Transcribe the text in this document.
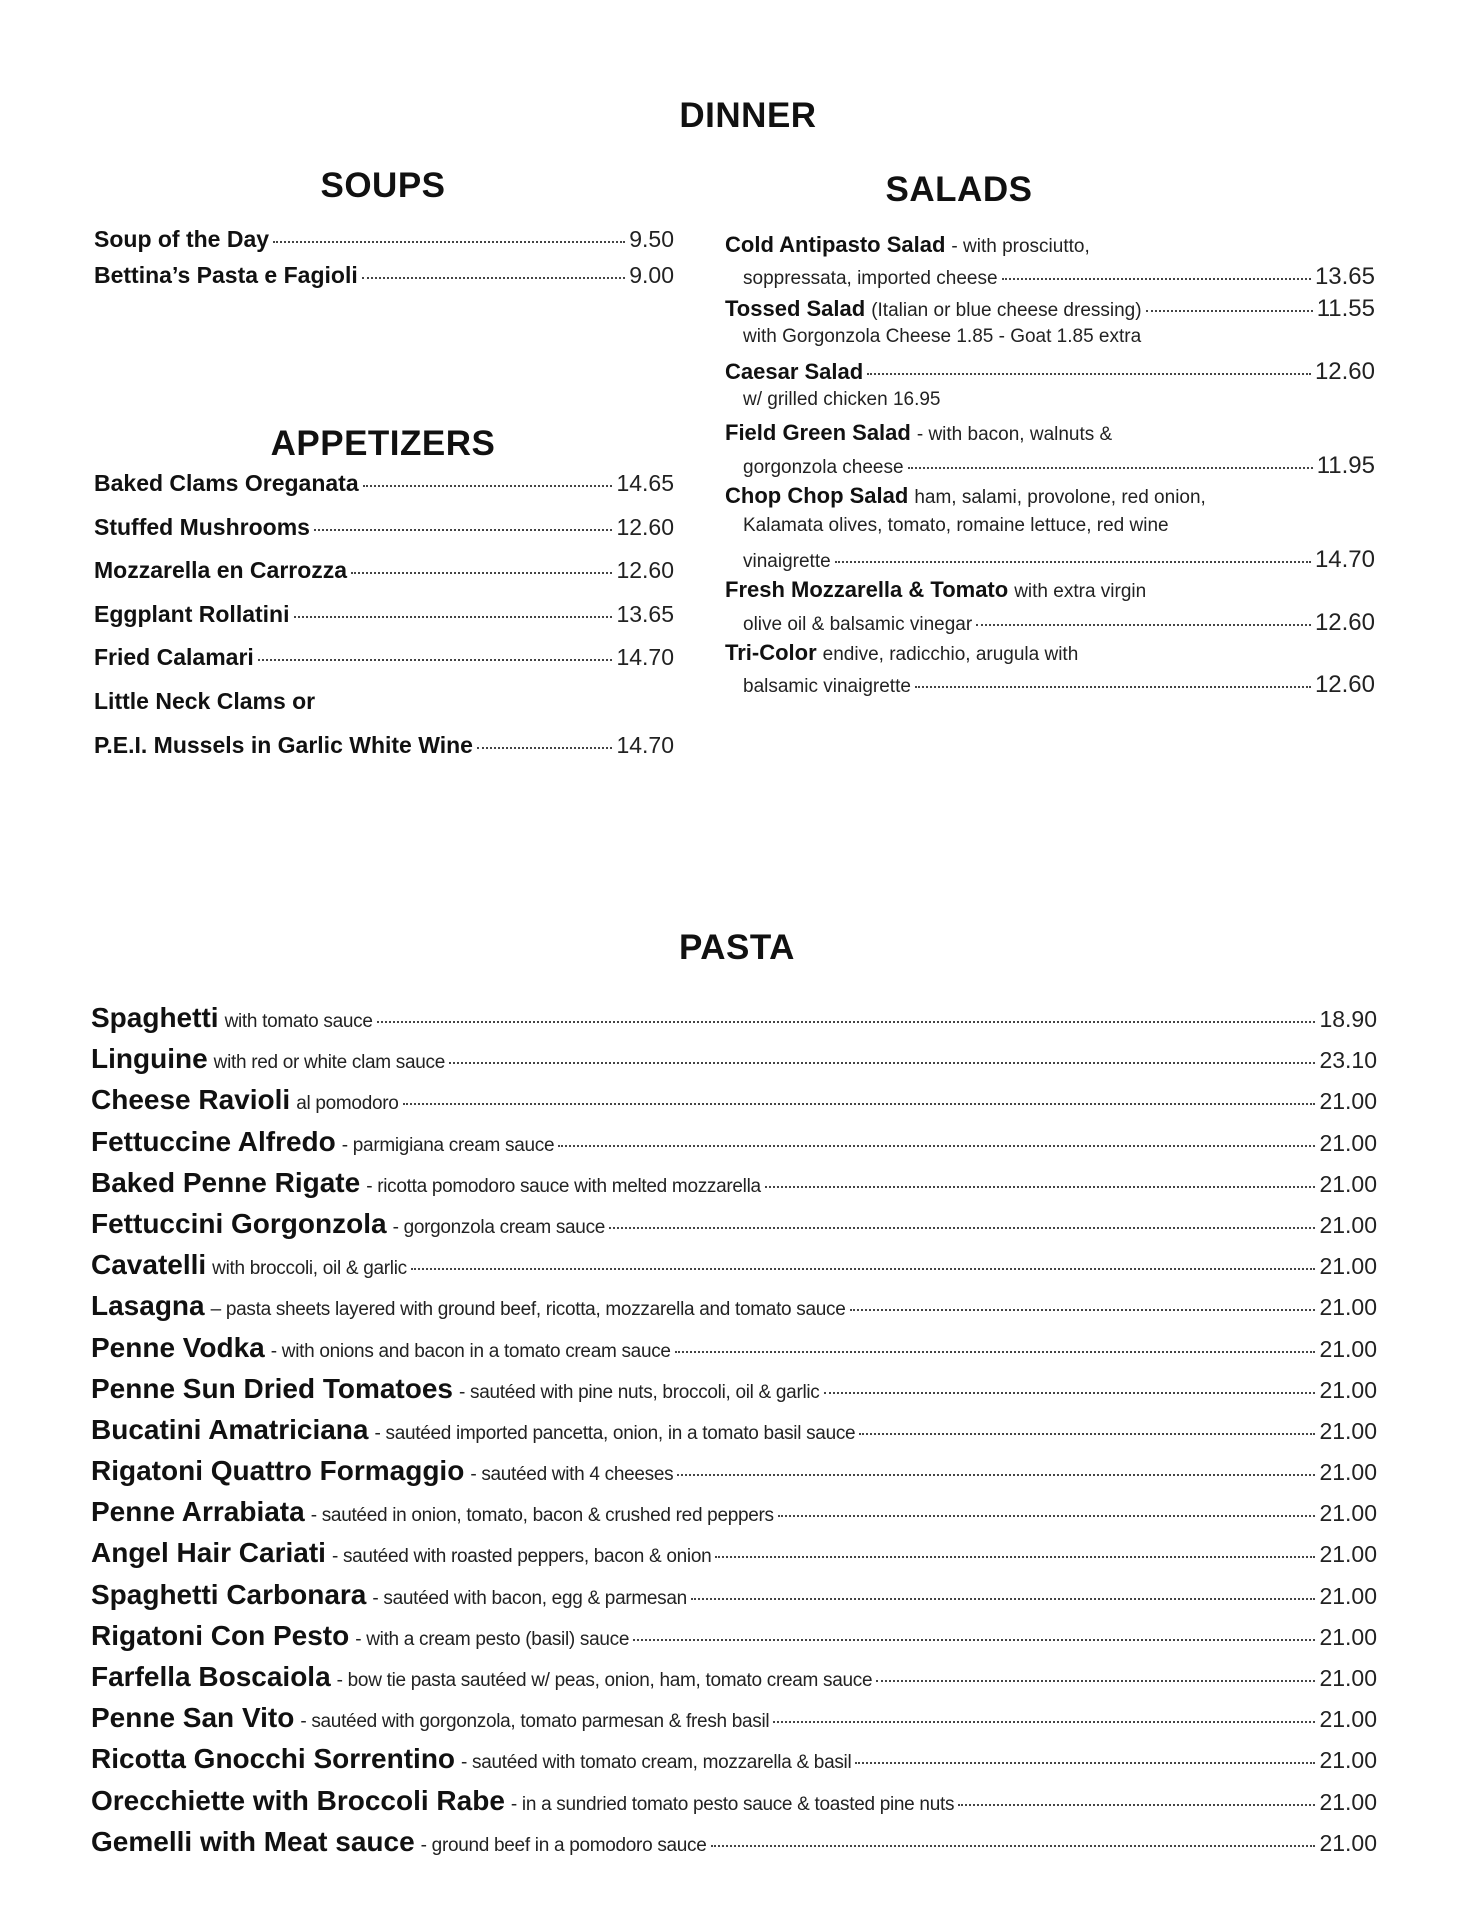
DINNER
SOUPS	SALADS
APPETIZERS
PASTA
Soup of the Day	9.50
Bettina’s Pasta e Fagioli	9.00
Baked Clams Oreganata	14.65
Stuffed Mushrooms	12.60
Mozzarella en Carrozza	12.60
Eggplant Rollatini	13.65
Fried Calamari	14.70
Little Neck Clams or
P.E.I. Mussels in Garlic White Wine	14.70
Cold Antipasto Salad - with prosciutto,
soppressata, imported cheese	13.65
Tossed Salad (Italian or blue cheese dressing)	11.55
with Gorgonzola Cheese 1.85 - Goat 1.85 extra
Caesar Salad	12.60
w/ grilled chicken 16.95
Field Green Salad - with bacon, walnuts &
gorgonzola cheese	11.95
Chop Chop Salad ham, salami, provolone, red onion,
Kalamata olives, tomato, romaine lettuce, red wine
vinaigrette	14.70
Fresh Mozzarella & Tomato with extra virgin
olive oil & balsamic vinegar	12.60
Tri-Color endive, radicchio, arugula with
balsamic vinaigrette	12.60
Spaghetti with tomato sauce	18.90
Linguine with red or white clam sauce	23.10
Cheese Ravioli al pomodoro	21.00
Fettuccine Alfredo - parmigiana cream sauce	21.00
Baked Penne Rigate - ricotta pomodoro sauce with melted mozzarella	21.00
Fettuccini Gorgonzola - gorgonzola cream sauce	21.00
Cavatelli with broccoli, oil & garlic	21.00
Lasagna – pasta sheets layered with ground beef, ricotta, mozzarella and tomato sauce	21.00
Penne Vodka - with onions and bacon in a tomato cream sauce	21.00
Penne Sun Dried Tomatoes - sautéed with pine nuts, broccoli, oil & garlic	21.00
Bucatini Amatriciana - sautéed imported pancetta, onion, in a tomato basil sauce	21.00
Rigatoni Quattro Formaggio - sautéed with 4 cheeses	21.00
Penne Arrabiata - sautéed in onion, tomato, bacon & crushed red peppers	21.00
Angel Hair Cariati - sautéed with roasted peppers, bacon & onion	21.00
Spaghetti Carbonara - sautéed with bacon, egg & parmesan	21.00
Rigatoni Con Pesto - with a cream pesto (basil) sauce	21.00
Farfella Boscaiola - bow tie pasta sautéed w/ peas, onion, ham, tomato cream sauce	21.00
Penne San Vito - sautéed with gorgonzola, tomato parmesan & fresh basil	21.00
Ricotta Gnocchi Sorrentino - sautéed with tomato cream, mozzarella & basil	21.00
Orecchiette with Broccoli Rabe - in a sundried tomato pesto sauce & toasted pine nuts	21.00
Gemelli with Meat sauce - ground beef in a pomodoro sauce	21.00
